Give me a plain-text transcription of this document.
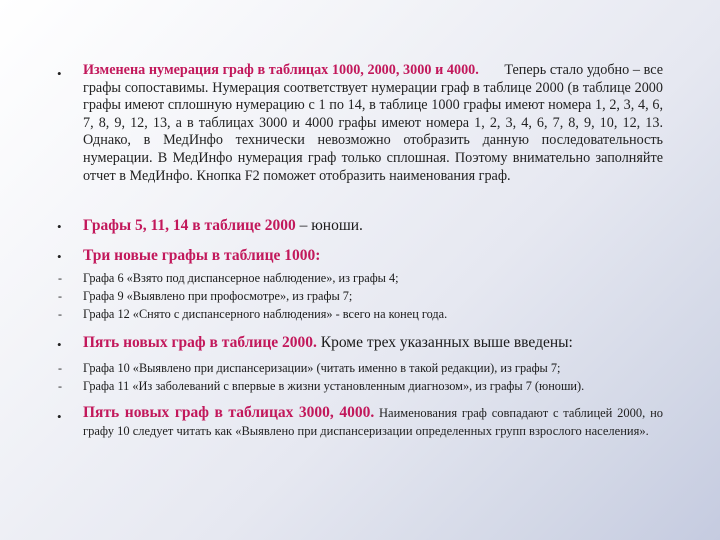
• Изменена нумерация граф в таблицах 1000, 2000, 3000 и 4000. Теперь стало удобно – все графы сопоставимы. Нумерация соответствует нумерации граф в таблице 2000 (в таблице 2000 графы имеют сплошную нумерацию с 1 по 14, в таблице 1000 графы имеют номера 1, 2, 3, 4, 6, 7, 8, 9, 12, 13, а в таблицах 3000 и 4000 графы имеют номера 1, 2, 3, 4, 6, 7, 8, 9, 10, 12, 13. Однако, в МедИнфо технически невозможно отобразить данную последовательность нумерации. В МедИнфо нумерация граф только сплошная. Поэтому внимательно заполняйте отчет в МедИнфо. Кнопка F2 поможет отобразить наименования граф.
• Графы 5, 11, 14 в таблице 2000 – юноши.
• Три новые графы в таблице 1000:
- Графа 6 «Взято под диспансерное наблюдение», из графы 4;
- Графа 9 «Выявлено при профосмотре», из графы 7;
- Графа 12 «Снято с диспансерного наблюдения» - всего на конец года.
• Пять новых граф в таблице 2000. Кроме трех указанных выше введены:
- Графа 10 «Выявлено при диспансеризации» (читать именно в такой редакции), из графы 7;
- Графа 11 «Из заболеваний с впервые в жизни установленным диагнозом», из графы 7 (юноши).
• Пять новых граф в таблицах 3000, 4000. Наименования граф совпадают с таблицей 2000, но графу 10 следует читать как «Выявлено при диспансеризации определенных групп взрослого населения».
